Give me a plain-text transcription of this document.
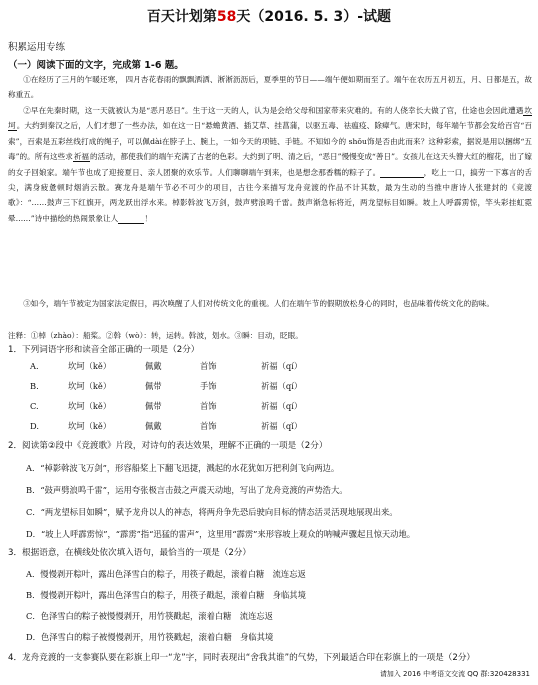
百天计划第58天（2016. 5. 3）-试题
积累运用专练
（一）阅读下面的文字，完成第 1-6 题。
①在经历了三月的乍暖还寒， 四月杏花春雨的飘飘洒洒、淅淅沥沥后，夏季里的节日——端午便如期而至了。端午在农历五月初五，月、日都是五，故称重五。
②早在先秦时期，这一天就被认为是“恶月恶日”。生于这一天的人，认为是会给父母和国家带来灾难的。有的人侥幸长大做了官，仕途也会因此遭遇坎坷。大约到秦汉之后，人们才想了一些办法，如在这一日“悬蟾黄酒、插艾草、挂菖蒲，以驱五毒、祛瘟疫、除瘴气。唐宋时，每年端午节都会发给百官“百索”，百索是五彩丝线打成的绳子，可以佩dài在脖子上、腕上，一如今天的项链、手链。不知如今的 shǒu饰是否由此而来？这种彩索，据说是用以捆绑“五毒”的。所有这些求祈福的活动，都使我们的端午充满了古老的色彩。大约到了明、清之后，“恶日”慢慢变成“善日”。女孩儿在这天头簪大红的榴花，出了嫁的女子回娘家。端午节也成了迎接夏日、亲人团聚的欢乐节。人们聊聊端午到来，也是想念那香糯的粽子了。	，吃上一口，搞劳一下寡言的舌尖，满身疲惫顿时烟消云散。赛龙舟是端午节必不可少的项目，古往今来描写龙舟竞渡的作品不计其数，最为生动的当推中唐诗人张建封的《竞渡歌》：“……鼓声三下红旗开，两龙跃出浮水来。棹影斡波飞万剑，鼓声劈浪鸣千雷。鼓声渐急标将近，两龙望标目如瞬。坡上人呼霹雳惊，竿头彩挂虹霓晕……”诗中描绘的热闹景象让人	！
③如今，端午节被定为国家法定假日，再次唤醒了人们对传统文化的重视。人们在端午节的假期放松身心的同时，也品味着传统文化的韵味。
注释：①棹（zhào）：船桨。②斡（wò）：转，运转。斡波，划水。③瞬：目动，眨眼。
1．下列词语字形和读音全部正确的一项是（2分）
A.	坎坷（kě）	佩戴	首饰	祈福（qí）
B.	坎坷（kě）	佩带	手饰	祈福（qí）
C.	坎坷（kě）	佩带	首饰	祈福（qí）
D.	坎坷（kě）	佩戴	首饰	祈福（qǐ）
2．阅读第②段中《竞渡歌》片段，对诗句的表达效果，理解不正确的一项是（2分）
A．“棹影斡波飞万剑”，形容船桨上下翻飞迅捷，溅起的水花犹如万把利剑飞向两边。
B．“鼓声劈浪鸣千雷”，运用夸张极言击鼓之声震天动地，写出了龙舟竞渡的声势浩大。
C．“两龙望标目如瞬”，赋予龙舟以人的神态，将两舟争先恐后驶向目标的情态活灵活现地展现出来。
D．“坡上人呼霹雳惊”，“霹雳”指“迅猛的雷声”，这里用“霹雳”来形容坡上观众的呐喊声骤起且惊天动地。
3．根据语意，在横线处依次填入语句，最恰当的一项是（2分）
A．慢慢剥开粽叶，露出色泽雪白的粽子，用筷子戳起，滚着白糖　流连忘返
B．慢慢剥开粽叶，露出色泽雪白的粽子，用筷子戳起，滚着白糖　身临其境
C．色泽雪白的粽子被慢慢剥开，用竹筷戳起，滚着白糖　流连忘返
D．色泽雪白的粽子被慢慢剥开，用竹筷戳起，滚着白糖　身临其境
4．龙舟竞渡的一支参赛队要在彩旗上印一“龙”字，同时表现出“舍我其谁”的气势，下列最适合印在彩旗上的一项是（2分）
请加入 2016 中考语文交流 QQ 群:320428331
